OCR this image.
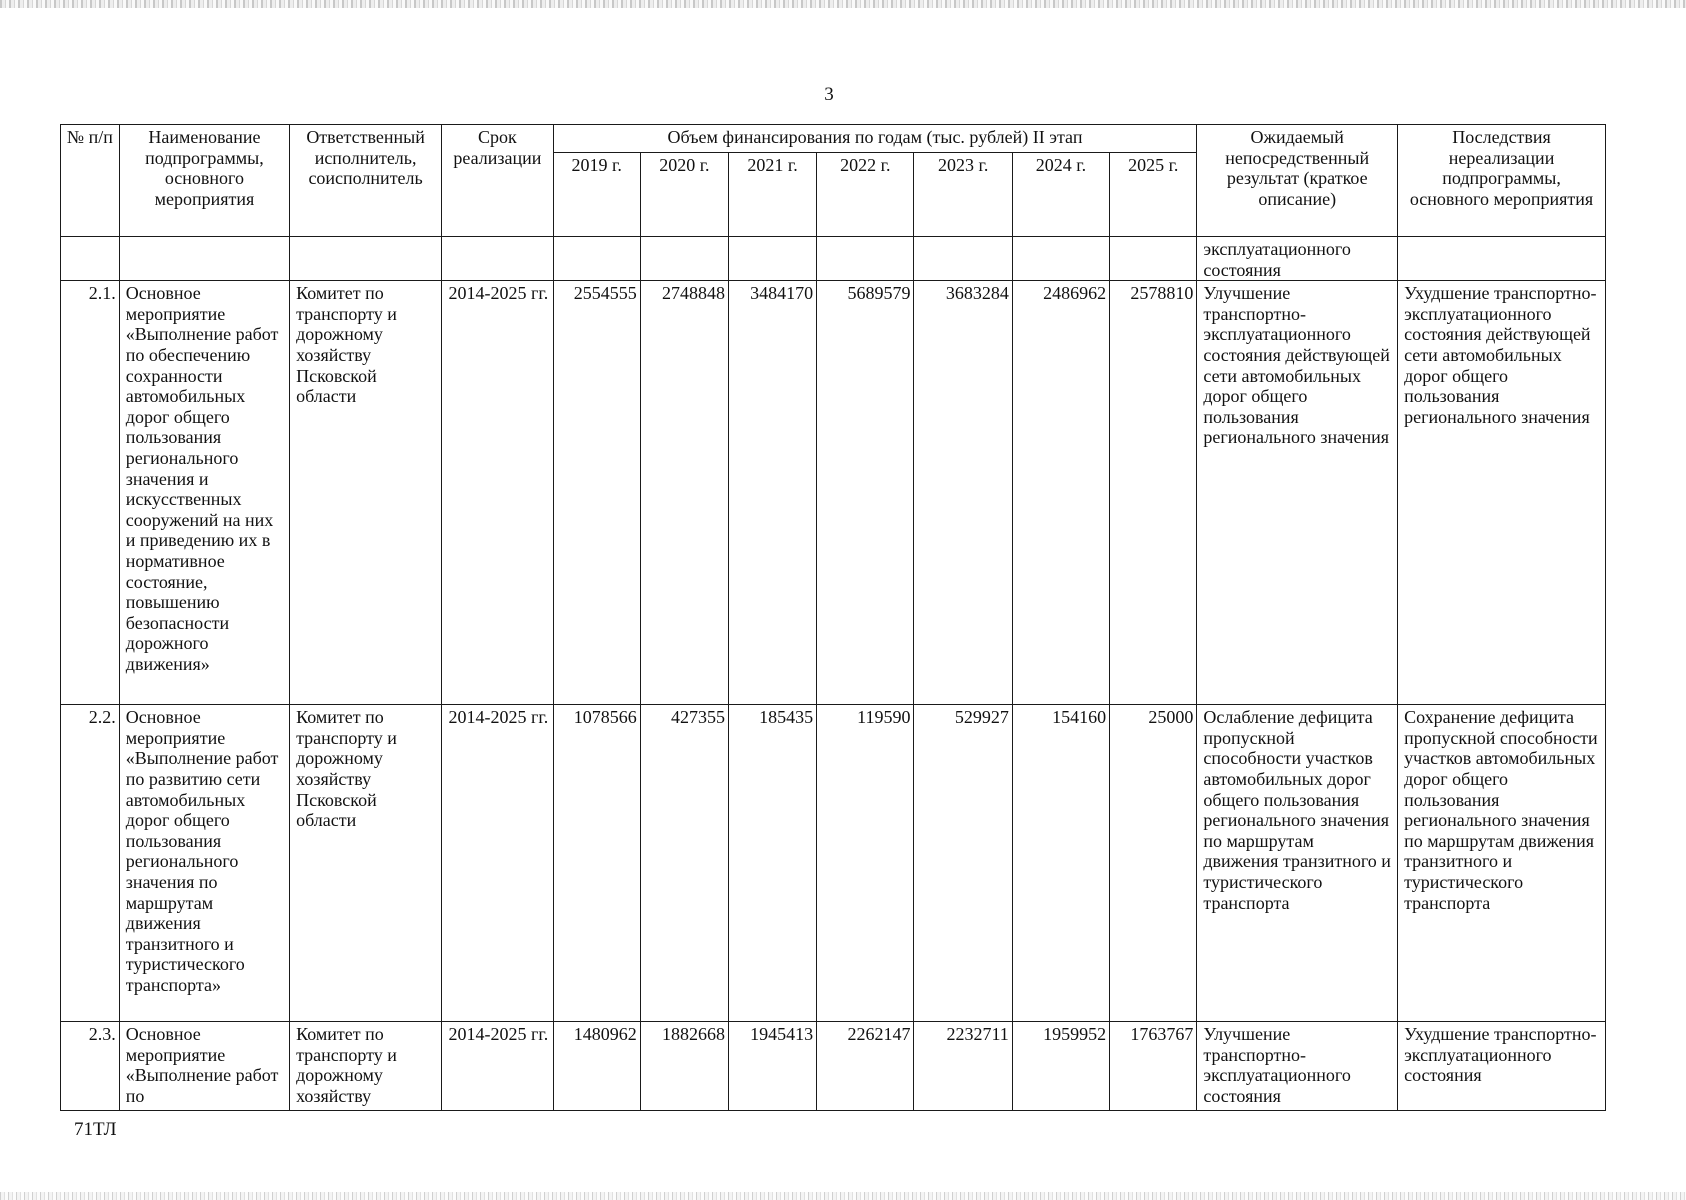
3
№ п/п	Наименование подпрограммы, основного мероприятия	Ответственный исполнитель, соисполнитель	Срок реализации	Объем финансирования по годам (тыс. рублей) II этап							Ожидаемый непосредственный результат (краткое описание)	Последствия нереализации подпрограммы, основного мероприятия
				2019 г.	2020 г.	2021 г.	2022 г.	2023 г.	2024 г.	2025 г.		
											эксплуатационного состояния	
2.1.	Основное мероприятие «Выполнение работ по обеспечению сохранности автомобильных дорог общего пользования регионального значения и искусственных сооружений на них и приведению их в нормативное состояние, повышению безопасности дорожного движения»	Комитет по транспорту и дорожному хозяйству Псковской области	2014-2025 гг.	2554555	2748848	3484170	5689579	3683284	2486962	2578810	Улучшение транспортно-эксплуатационного состояния действующей сети автомобильных дорог общего пользования регионального значения	Ухудшение транспортно-эксплуатационного состояния действующей сети автомобильных дорог общего пользования регионального значения
2.2.	Основное мероприятие «Выполнение работ по развитию сети автомобильных дорог общего пользования регионального значения по маршрутам движения транзитного и туристического транспорта»	Комитет по транспорту и дорожному хозяйству Псковской области	2014-2025 гг.	1078566	427355	185435	119590	529927	154160	25000	Ослабление дефицита пропускной способности участков автомобильных дорог общего пользования регионального значения по маршрутам движения транзитного и туристического транспорта	Сохранение дефицита пропускной способности участков автомобильных дорог общего пользования регионального значения по маршрутам движения транзитного и туристического транспорта
2.3.	Основное мероприятие «Выполнение работ по	Комитет по транспорту и дорожному хозяйству	2014-2025 гг.	1480962	1882668	1945413	2262147	2232711	1959952	1763767	Улучшение транспортно-эксплуатационного состояния	Ухудшение транспортно-эксплуатационного состояния
71ТЛ
